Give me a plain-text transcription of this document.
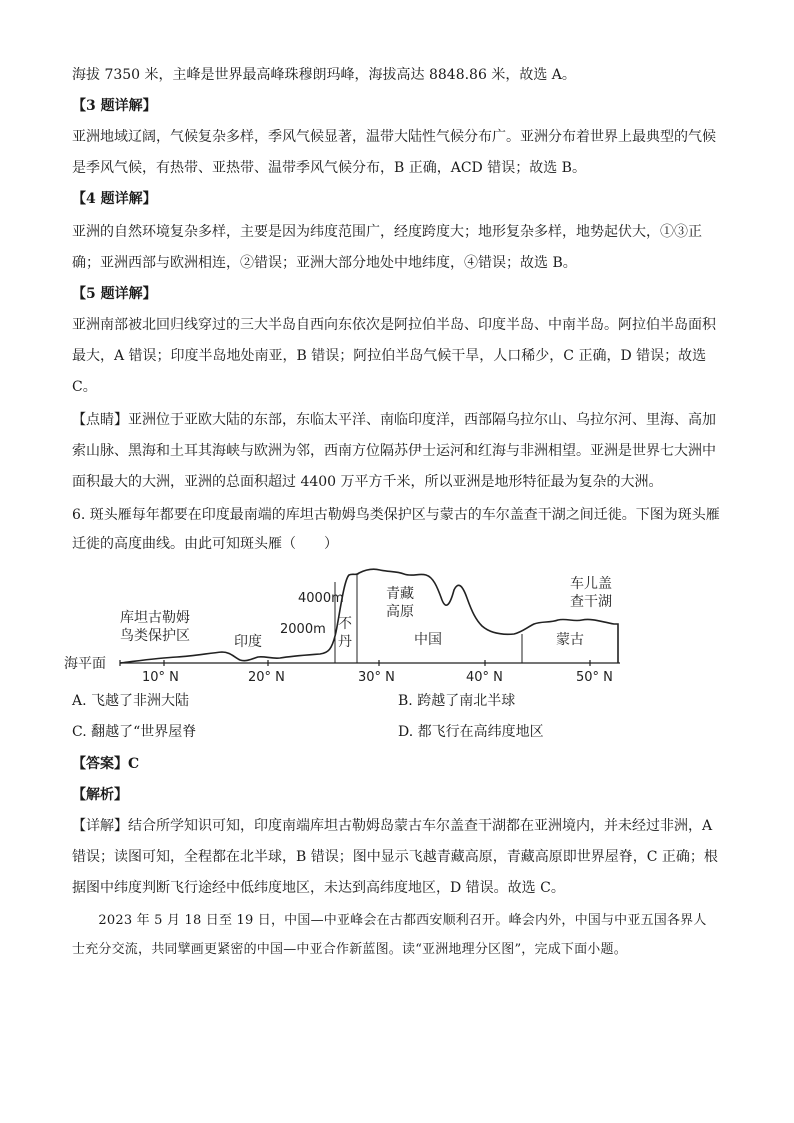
海拔 7350 米，主峰是世界最高峰珠穆朗玛峰，海拔高达 8848.86 米，故选 A。
【3 题详解】
亚洲地域辽阔，气候复杂多样，季风气候显著，温带大陆性气候分布广。亚洲分布着世界上最典型的气候
是季风气候，有热带、亚热带、温带季风气候分布，B 正确，ACD 错误；故选 B。
【4 题详解】
亚洲的自然环境复杂多样，主要是因为纬度范围广，经度跨度大；地形复杂多样，地势起伏大，①③正
确；亚洲西部与欧洲相连，②错误；亚洲大部分地处中地纬度，④错误；故选 B。
【5 题详解】
亚洲南部被北回归线穿过的三大半岛自西向东依次是阿拉伯半岛、印度半岛、中南半岛。阿拉伯半岛面积
最大，A 错误；印度半岛地处南亚，B 错误；阿拉伯半岛气候干旱，人口稀少，C 正确，D 错误；故选
C。
【点睛】亚洲位于亚欧大陆的东部，东临太平洋、南临印度洋，西部隔乌拉尔山、乌拉尔河、里海、高加
索山脉、黑海和土耳其海峡与欧洲为邻，西南方位隔苏伊士运河和红海与非洲相望。亚洲是世界七大洲中
面积最大的大洲，亚洲的总面积超过 4400 万平方千米，所以亚洲是地形特征最为复杂的大洲。
6. 斑头雁每年都要在印度最南端的库坦古勒姆鸟类保护区与蒙古的车尔盖查干湖之间迁徙。下图为斑头雁
迁徙的高度曲线。由此可知斑头雁（　　）
海平面
库坦古勒姆
鸟类保护区	印度
4000m
2000m 不
丹
青藏
高原
中国
车儿盖
查干湖
蒙古
10° N	20° N	30° N	40° N	50° N
A. 飞越了非洲大陆	B. 跨越了南北半球
C. 翻越了“世界屋脊	D. 都飞行在高纬度地区
【答案】C
【解析】
【详解】结合所学知识可知，印度南端库坦古勒姆岛蒙古车尔盖查干湖都在亚洲境内，并未经过非洲，A
错误；读图可知，全程都在北半球，B 错误；图中显示飞越青藏高原，青藏高原即世界屋脊，C 正确；根
据图中纬度判断飞行途经中低纬度地区，未达到高纬度地区，D 错误。故选 C。
　　2023 年 5 月 18 日至 19 日，中国—中亚峰会在古都西安顺利召开。峰会内外，中国与中亚五国各界人
士充分交流，共同擘画更紧密的中国—中亚合作新蓝图。读“亚洲地理分区图”，完成下面小题。
